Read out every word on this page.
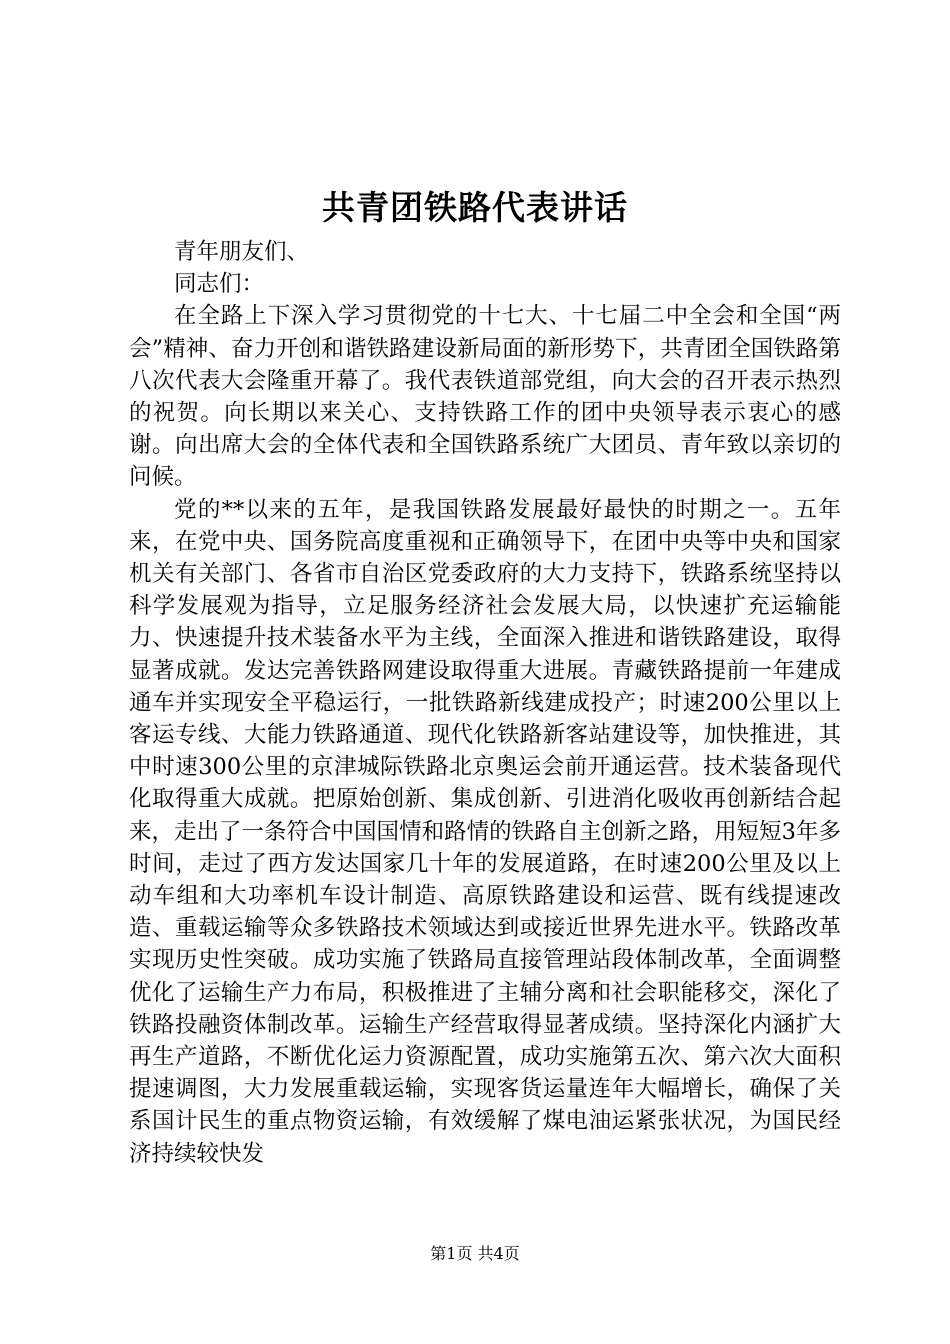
共青团铁路代表讲话

青年朋友们、

同志们：

在全路上下深入学习贯彻党的十七大、十七届二中全会和全国“两会”精神、奋力开创和谐铁路建设新局面的新形势下，共青团全国铁路第八次代表大会隆重开幕了。我代表铁道部党组，向大会的召开表示热烈的祝贺。向长期以来关心、支持铁路工作的团中央领导表示衷心的感谢。向出席大会的全体代表和全国铁路系统广大团员、青年致以亲切的问候。

党的**以来的五年，是我国铁路发展最好最快的时期之一。五年来，在党中央、国务院高度重视和正确领导下，在团中央等中央和国家机关有关部门、各省市自治区党委政府的大力支持下，铁路系统坚持以科学发展观为指导，立足服务经济社会发展大局，以快速扩充运输能力、快速提升技术装备水平为主线，全面深入推进和谐铁路建设，取得显著成就。发达完善铁路网建设取得重大进展。青藏铁路提前一年建成通车并实现安全平稳运行，一批铁路新线建成投产；时速200公里以上客运专线、大能力铁路通道、现代化铁路新客站建设等，加快推进，其中时速300公里的京津城际铁路北京奥运会前开通运营。技术装备现代化取得重大成就。把原始创新、集成创新、引进消化吸收再创新结合起来，走出了一条符合中国国情和路情的铁路自主创新之路，用短短3年多时间，走过了西方发达国家几十年的发展道路，在时速200公里及以上动车组和大功率机车设计制造、高原铁路建设和运营、既有线提速改造、重载运输等众多铁路技术领域达到或接近世界先进水平。铁路改革实现历史性突破。成功实施了铁路局直接管理站段体制改革，全面调整优化了运输生产力布局，积极推进了主辅分离和社会职能移交，深化了铁路投融资体制改革。运输生产经营取得显著成绩。坚持深化内涵扩大再生产道路，不断优化运力资源配置，成功实施第五次、第六次大面积提速调图，大力发展重载运输，实现客货运量连年大幅增长，确保了关系国计民生的重点物资运输，有效缓解了煤电油运紧张状况，为国民经济持续较快发

第1页 共4页
